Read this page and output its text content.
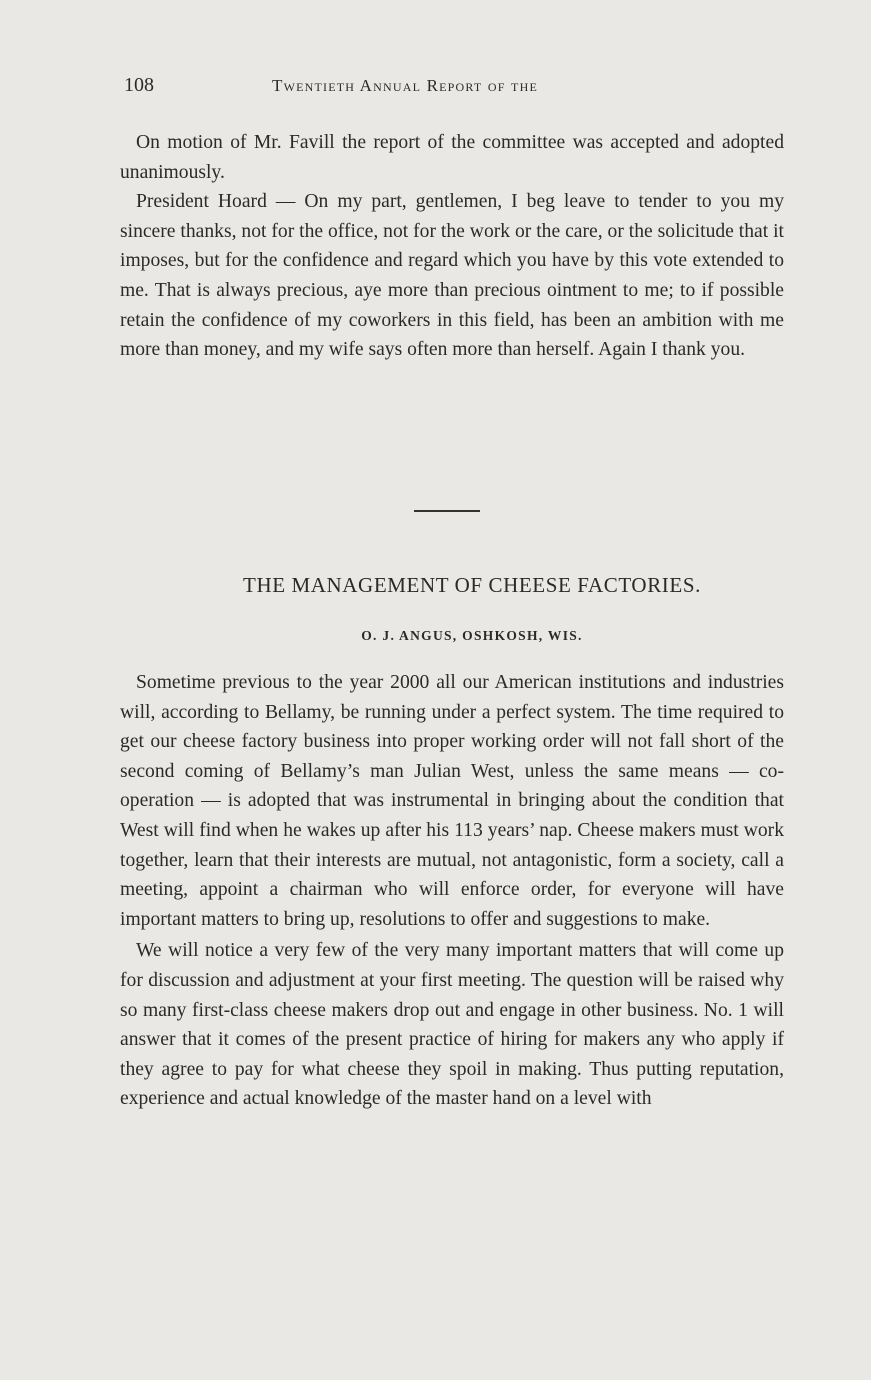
108	Twentieth Annual Report of the

On motion of Mr. Favill the report of the committee was accepted and adopted unanimously.

President Hoard — On my part, gentlemen, I beg leave to tender to you my sincere thanks, not for the office, not for the work or the care, or the solicitude that it imposes, but for the confidence and regard which you have by this vote extended to me. That is always precious, aye more than precious ointment to me; to if possible retain the confidence of my coworkers in this field, has been an ambition with me more than money, and my wife says often more than herself. Again I thank you.

THE MANAGEMENT OF CHEESE FACTORIES.
O. J. ANGUS, OSHKOSH, WIS.

Sometime previous to the year 2000 all our American institutions and industries will, according to Bellamy, be running under a perfect system. The time required to get our cheese factory business into proper working order will not fall short of the second coming of Bellamy’s man Julian West, unless the same means — co-operation — is adopted that was instrumental in bringing about the condition that West will find when he wakes up after his 113 years’ nap. Cheese makers must work together, learn that their interests are mutual, not antagonistic, form a society, call a meeting, appoint a chairman who will enforce order, for everyone will have important matters to bring up, resolutions to offer and suggestions to make.

We will notice a very few of the very many important matters that will come up for discussion and adjustment at your first meeting. The question will be raised why so many first-class cheese makers drop out and engage in other business. No. 1 will answer that it comes of the present practice of hiring for makers any who apply if they agree to pay for what cheese they spoil in making. Thus putting reputation, experience and actual knowledge of the master hand on a level with
